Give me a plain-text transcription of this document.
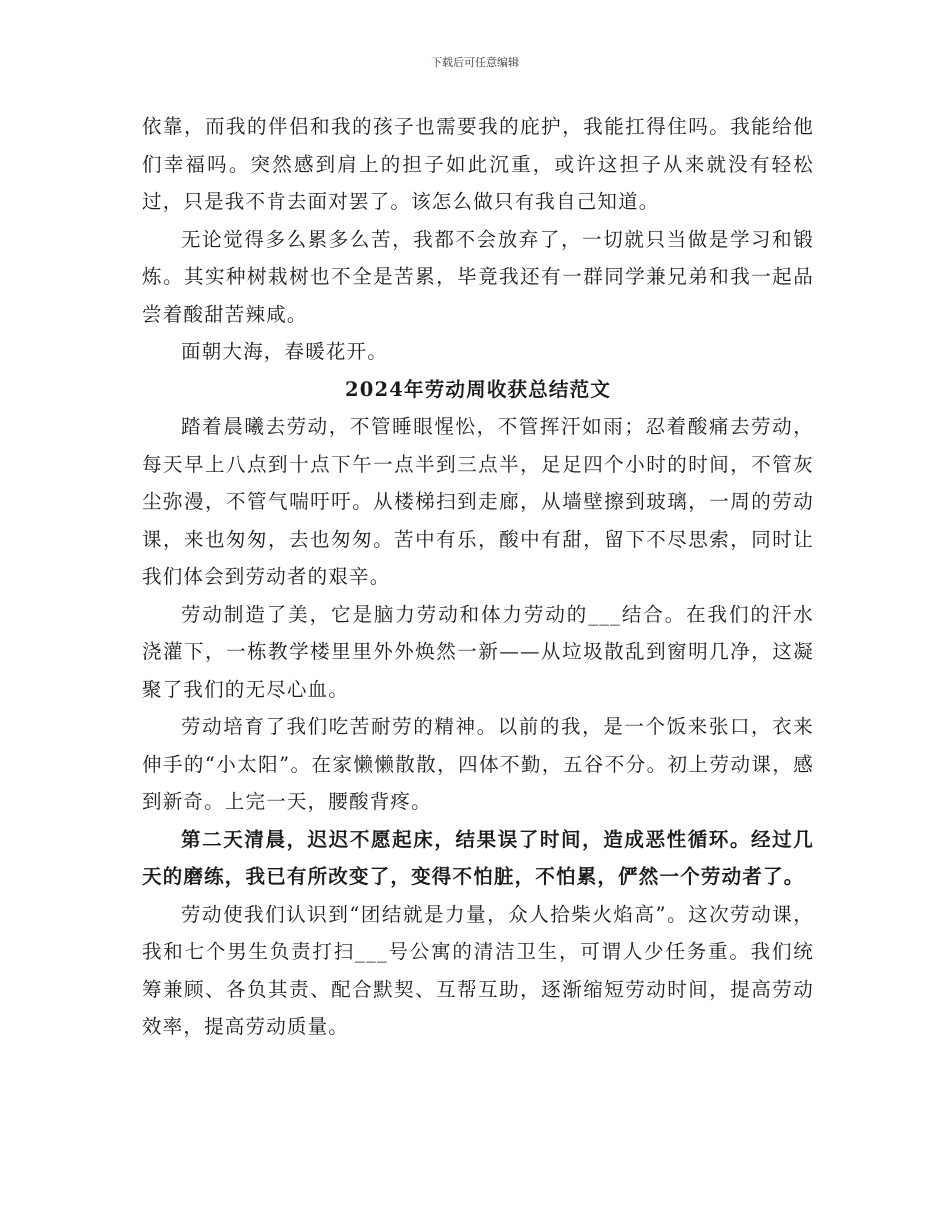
下载后可任意编辑

依靠，而我的伴侣和我的孩子也需要我的庇护，我能扛得住吗。我能给他们幸福吗。突然感到肩上的担子如此沉重，或许这担子从来就没有轻松过，只是我不肯去面对罢了。该怎么做只有我自己知道。

无论觉得多么累多么苦，我都不会放弃了，一切就只当做是学习和锻炼。其实种树栽树也不全是苦累，毕竟我还有一群同学兼兄弟和我一起品尝着酸甜苦辣咸。

面朝大海，春暖花开。

2024年劳动周收获总结范文

踏着晨曦去劳动，不管睡眼惺忪，不管挥汗如雨；忍着酸痛去劳动，每天早上八点到十点下午一点半到三点半，足足四个小时的时间，不管灰尘弥漫，不管气喘吁吁。从楼梯扫到走廊，从墙壁擦到玻璃，一周的劳动课，来也匆匆，去也匆匆。苦中有乐，酸中有甜，留下不尽思索，同时让我们体会到劳动者的艰辛。

劳动制造了美，它是脑力劳动和体力劳动的___结合。在我们的汗水浇灌下，一栋教学楼里里外外焕然一新——从垃圾散乱到窗明几净，这凝聚了我们的无尽心血。

劳动培育了我们吃苦耐劳的精神。以前的我，是一个饭来张口，衣来伸手的“小太阳”。在家懒懒散散，四体不勤，五谷不分。初上劳动课，感到新奇。上完一天，腰酸背疼。

第二天清晨，迟迟不愿起床，结果误了时间，造成恶性循环。经过几天的磨练，我已有所改变了，变得不怕脏，不怕累，俨然一个劳动者了。

劳动使我们认识到“团结就是力量，众人拾柴火焰高”。这次劳动课，我和七个男生负责打扫___号公寓的清洁卫生，可谓人少任务重。我们统筹兼顾、各负其责、配合默契、互帮互助，逐渐缩短劳动时间，提高劳动效率，提高劳动质量。
